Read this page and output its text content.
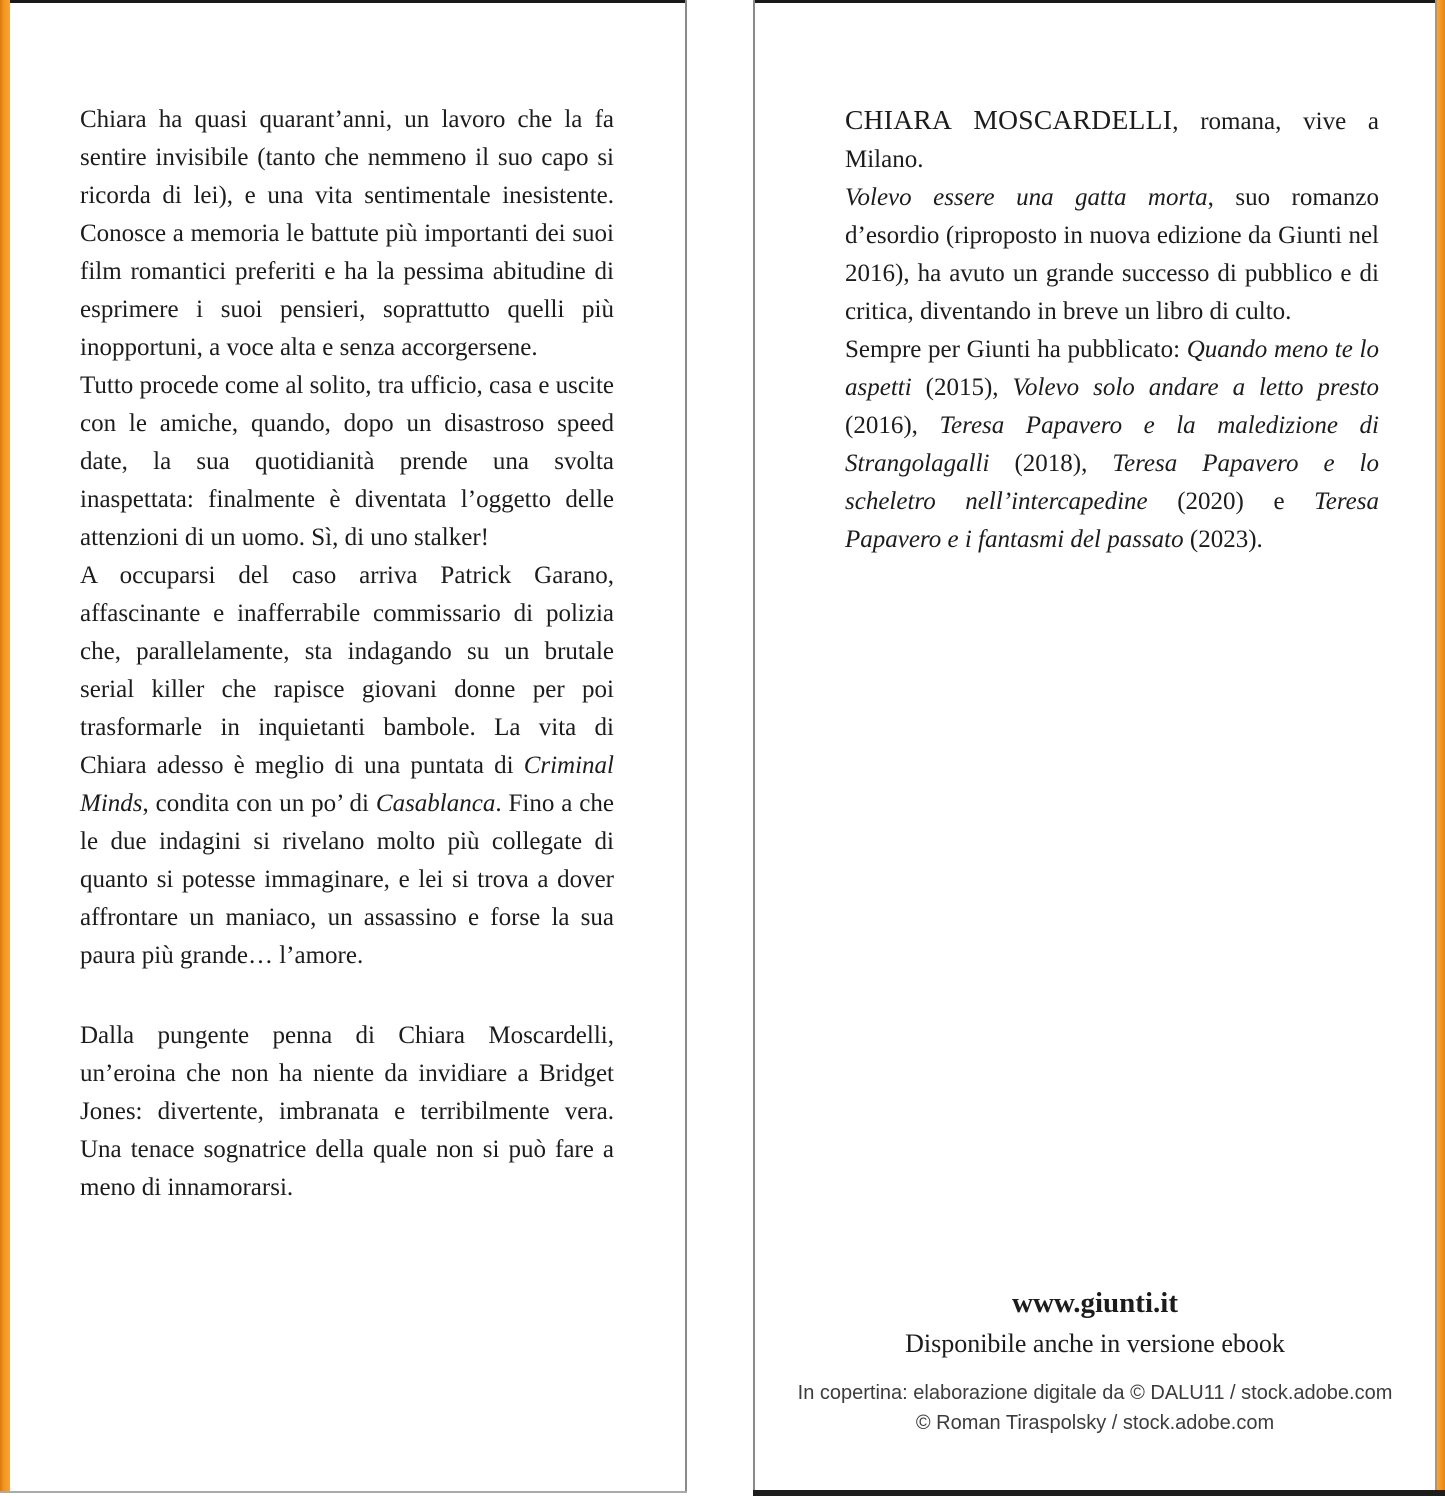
Chiara ha quasi quarant’anni, un lavoro che la fa sentire invisibile (tanto che nemmeno il suo capo si ricorda di lei), e una vita sentimentale inesistente. Conosce a memoria le battute più importanti dei suoi film romantici preferiti e ha la pessima abitudine di esprimere i suoi pensieri, soprattutto quelli più inopportuni, a voce alta e senza accorgersene.

Tutto procede come al solito, tra ufficio, casa e uscite con le amiche, quando, dopo un disastroso speed date, la sua quotidianità prende una svolta inaspettata: finalmente è diventata l’oggetto delle attenzioni di un uomo. Sì, di uno stalker!

A occuparsi del caso arriva Patrick Garano, affascinante e inafferrabile commissario di polizia che, parallelamente, sta indagando su un brutale serial killer che rapisce giovani donne per poi trasformarle in inquietanti bambole. La vita di Chiara adesso è meglio di una puntata di Criminal Minds, condita con un po’ di Casablanca. Fino a che le due indagini si rivelano molto più collegate di quanto si potesse immaginare, e lei si trova a dover affrontare un maniaco, un assassino e forse la sua paura più grande… l’amore.

Dalla pungente penna di Chiara Moscardelli, un’eroina che non ha niente da invidiare a Bridget Jones: divertente, imbranata e terribilmente vera. Una tenace sognatrice della quale non si può fare a meno di innamorarsi.

CHIARA MOSCARDELLI, romana, vive a Milano.

Volevo essere una gatta morta, suo romanzo d’esordio (riproposto in nuova edizione da Giunti nel 2016), ha avuto un grande successo di pubblico e di critica, diventando in breve un libro di culto.

Sempre per Giunti ha pubblicato: Quando meno te lo aspetti (2015), Volevo solo andare a letto presto (2016), Teresa Papavero e la maledizione di Strangolagalli (2018), Teresa Papavero e lo scheletro nell’intercapedine (2020) e Teresa Papavero e i fantasmi del passato (2023).

www.giunti.it
Disponibile anche in versione ebook
In copertina: elaborazione digitale da © DALU11 / stock.adobe.com
© Roman Tiraspolsky / stock.adobe.com
